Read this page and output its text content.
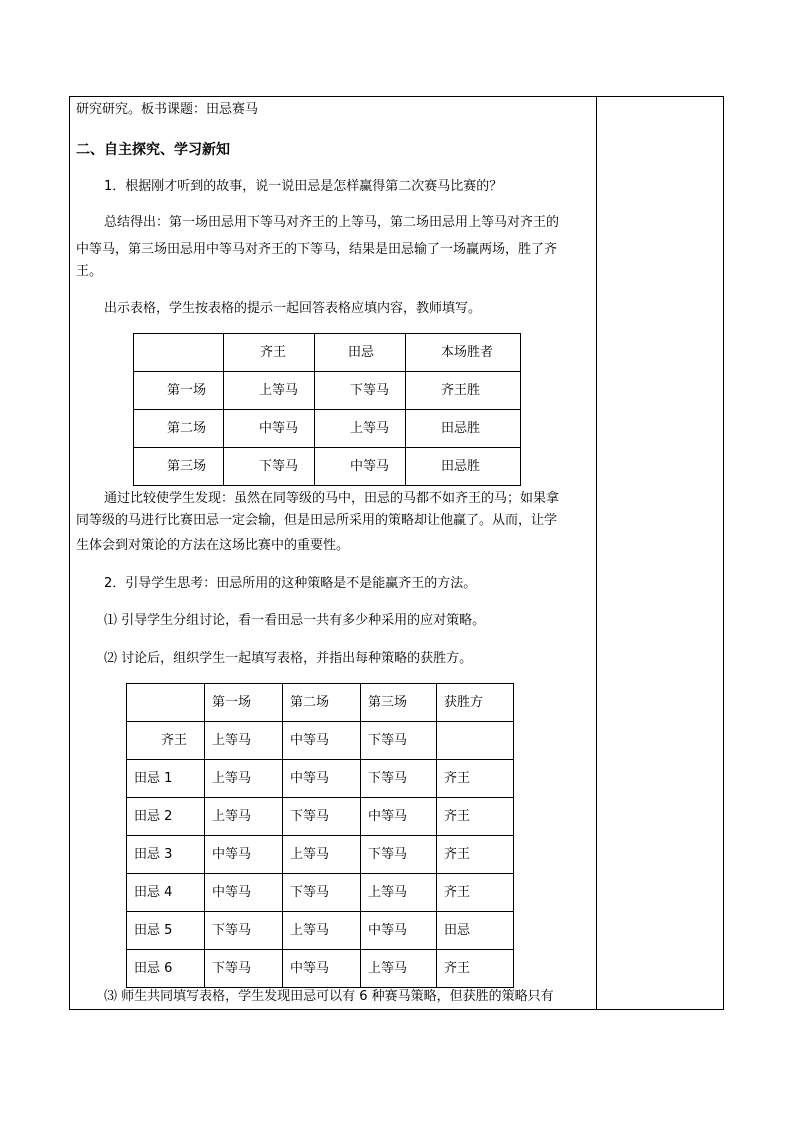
研究研究。板书课题：田忌赛马
二、自主探究、学习新知
1．根据刚才听到的故事，说一说田忌是怎样赢得第二次赛马比赛的？
总结得出：第一场田忌用下等马对齐王的上等马，第二场田忌用上等马对齐王的
中等马，第三场田忌用中等马对齐王的下等马，结果是田忌输了一场赢两场，胜了齐
王。
出示表格，学生按表格的提示一起回答表格应填内容，教师填写。

	齐王	田忌	本场胜者

第一场	上等马	下等马	齐王胜

第二场	中等马	上等马	田忌胜

第三场	下等马	中等马	田忌胜
通过比较使学生发现：虽然在同等级的马中，田忌的马都不如齐王的马；如果拿
同等级的马进行比赛田忌一定会输，但是田忌所采用的策略却让他赢了。从而，让学
生体会到对策论的方法在这场比赛中的重要性。
2．引导学生思考：田忌所用的这种策略是不是能赢齐王的方法。
⑴ 引导学生分组讨论，看一看田忌一共有多少种采用的应对策略。
⑵ 讨论后，组织学生一起填写表格，并指出每种策略的获胜方。

	第一场	第二场	第三场	获胜方

齐王	上等马	中等马	下等马	

田忌 1	上等马	中等马	下等马	齐王

田忌 2	上等马	下等马	中等马	齐王

田忌 3	中等马	上等马	下等马	齐王

田忌 4	中等马	下等马	上等马	齐王

田忌 5	下等马	上等马	中等马	田忌

田忌 6	下等马	中等马	上等马	齐王
⑶ 师生共同填写表格，学生发现田忌可以有 6 种赛马策略，但获胜的策略只有
